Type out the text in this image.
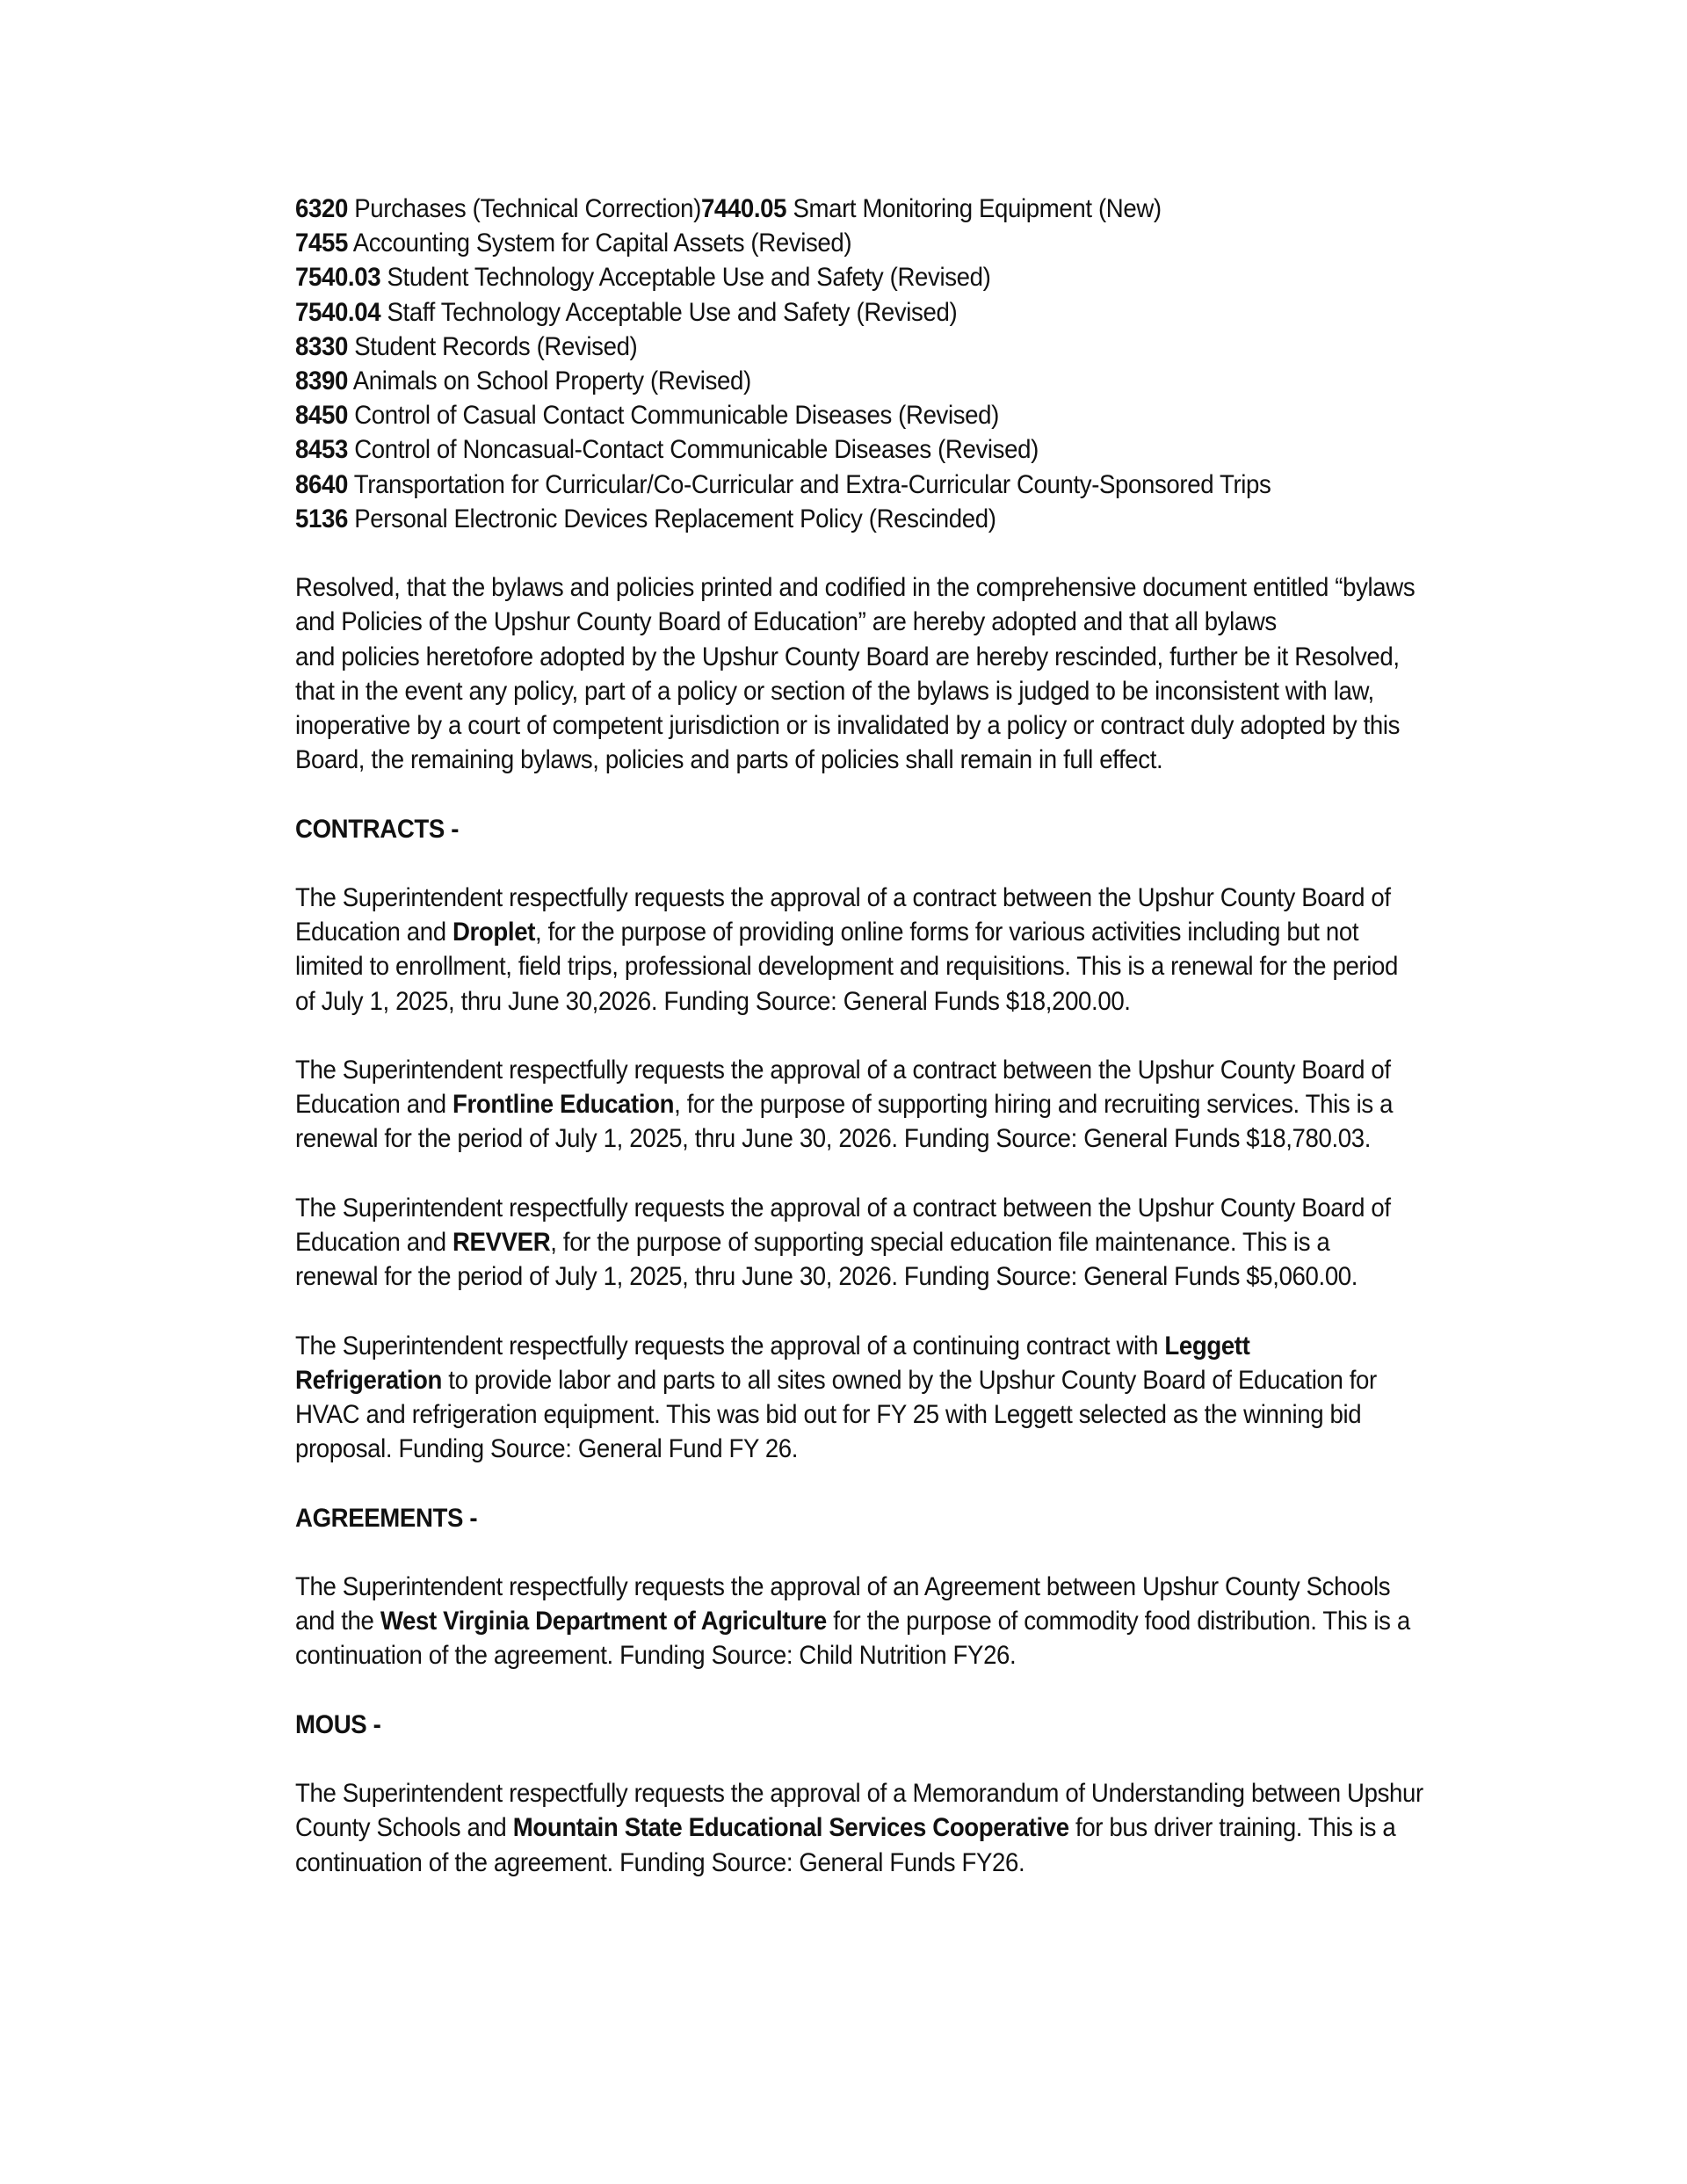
6320 Purchases (Technical Correction)7440.05 Smart Monitoring Equipment (New)
7455 Accounting System for Capital Assets (Revised)
7540.03 Student Technology Acceptable Use and Safety (Revised)
7540.04 Staff Technology Acceptable Use and Safety (Revised)
8330 Student Records (Revised)
8390 Animals on School Property (Revised)
8450 Control of Casual Contact Communicable Diseases (Revised)
8453 Control of Noncasual-Contact Communicable Diseases (Revised)
8640 Transportation for Curricular/Co-Curricular and Extra-Curricular County-Sponsored Trips
5136 Personal Electronic Devices Replacement Policy (Rescinded)
Resolved, that the bylaws and policies printed and codified in the comprehensive document entitled “bylaws
and Policies of the Upshur County Board of Education” are hereby adopted and that all bylaws
and policies heretofore adopted by the Upshur County Board are hereby rescinded, further be it Resolved,
that in the event any policy, part of a policy or section of the bylaws is judged to be inconsistent with law,
inoperative by a court of competent jurisdiction or is invalidated by a policy or contract duly adopted by this
Board, the remaining bylaws, policies and parts of policies shall remain in full effect.
CONTRACTS -
The Superintendent respectfully requests the approval of a contract between the Upshur County Board of
Education and Droplet, for the purpose of providing online forms for various activities including but not
limited to enrollment, field trips, professional development and requisitions. This is a renewal for the period
of July 1, 2025, thru June 30,2026. Funding Source: General Funds $18,200.00.
The Superintendent respectfully requests the approval of a contract between the Upshur County Board of
Education and Frontline Education, for the purpose of supporting hiring and recruiting services. This is a
renewal for the period of July 1, 2025, thru June 30, 2026. Funding Source: General Funds $18,780.03.
The Superintendent respectfully requests the approval of a contract between the Upshur County Board of
Education and REVVER, for the purpose of supporting special education file maintenance. This is a
renewal for the period of July 1, 2025, thru June 30, 2026. Funding Source: General Funds $5,060.00.
The Superintendent respectfully requests the approval of a continuing contract with Leggett
Refrigeration to provide labor and parts to all sites owned by the Upshur County Board of Education for
HVAC and refrigeration equipment. This was bid out for FY 25 with Leggett selected as the winning bid
proposal. Funding Source: General Fund FY 26.
AGREEMENTS -
The Superintendent respectfully requests the approval of an Agreement between Upshur County Schools
and the West Virginia Department of Agriculture for the purpose of commodity food distribution. This is a
continuation of the agreement. Funding Source: Child Nutrition FY26.
MOUS -
The Superintendent respectfully requests the approval of a Memorandum of Understanding between Upshur
County Schools and Mountain State Educational Services Cooperative for bus driver training. This is a
continuation of the agreement. Funding Source: General Funds FY26.
